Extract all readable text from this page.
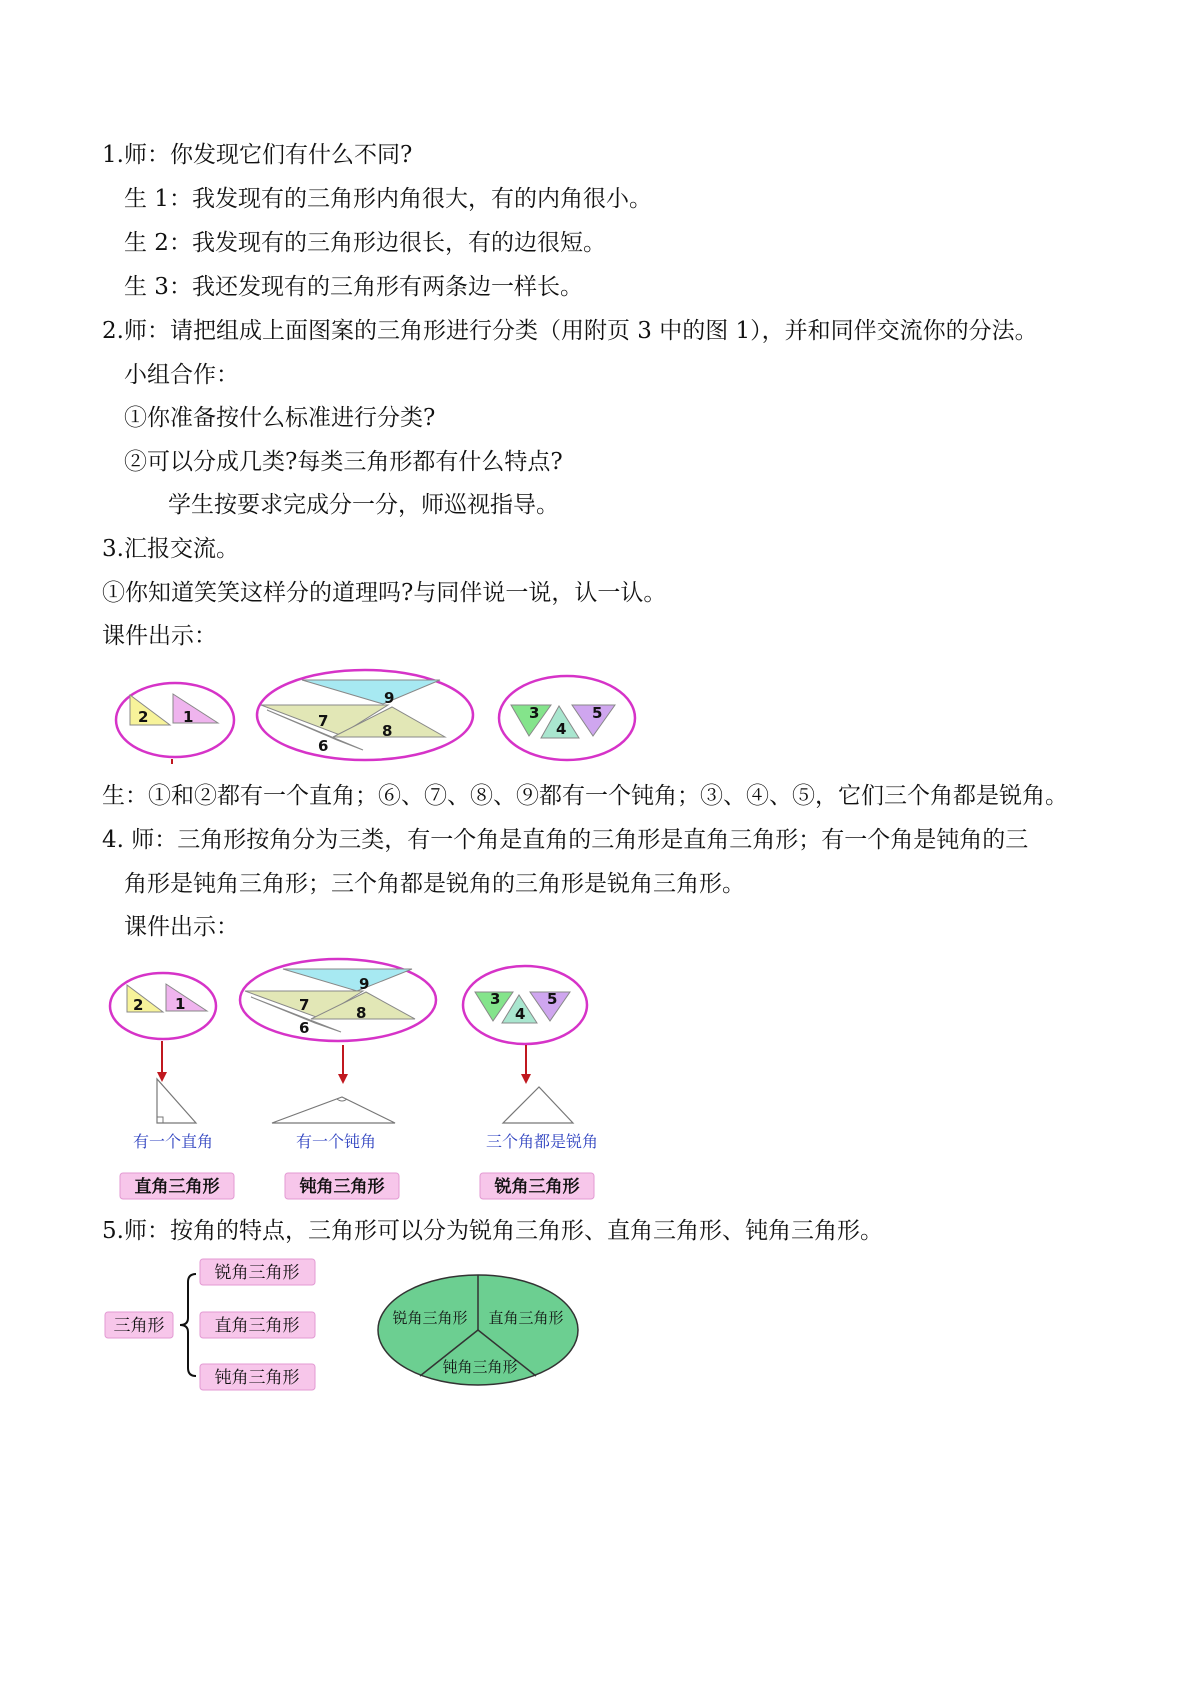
1.师：你发现它们有什么不同?
生 1：我发现有的三角形内角很大，有的内角很小。
生 2：我发现有的三角形边很长，有的边很短。
生 3：我还发现有的三角形有两条边一样长。
2.师：请把组成上面图案的三角形进行分类（用附页 3 中的图 1），并和同伴交流你的分法。
小组合作：
①你准备按什么标准进行分类?
②可以分成几类?每类三角形都有什么特点?
学生按要求完成分一分，师巡视指导。
3.汇报交流。
①你知道笑笑这样分的道理吗?与同伴说一说，认一认。
课件出示：
2 1
9
7
8
6
3
4
5
生：①和②都有一个直角；⑥、⑦、⑧、⑨都有一个钝角；③、④、⑤，它们三个角都是锐角。
4. 师：三角形按角分为三类，有一个角是直角的三角形是直角三角形；有一个角是钝角的三
角形是钝角三角形；三个角都是锐角的三角形是锐角三角形。
课件出示：
2 1
9
7	8
6
3
4
5
有一个直角	有一个钝角	三个角都是锐角
直角三角形	钝角三角形	锐角三角形
5.师：按角的特点，三角形可以分为锐角三角形、直角三角形、钝角三角形。
三角形
锐角三角形
直角三角形
钝角三角形
锐角三角形 直角三角形
钝角三角形
